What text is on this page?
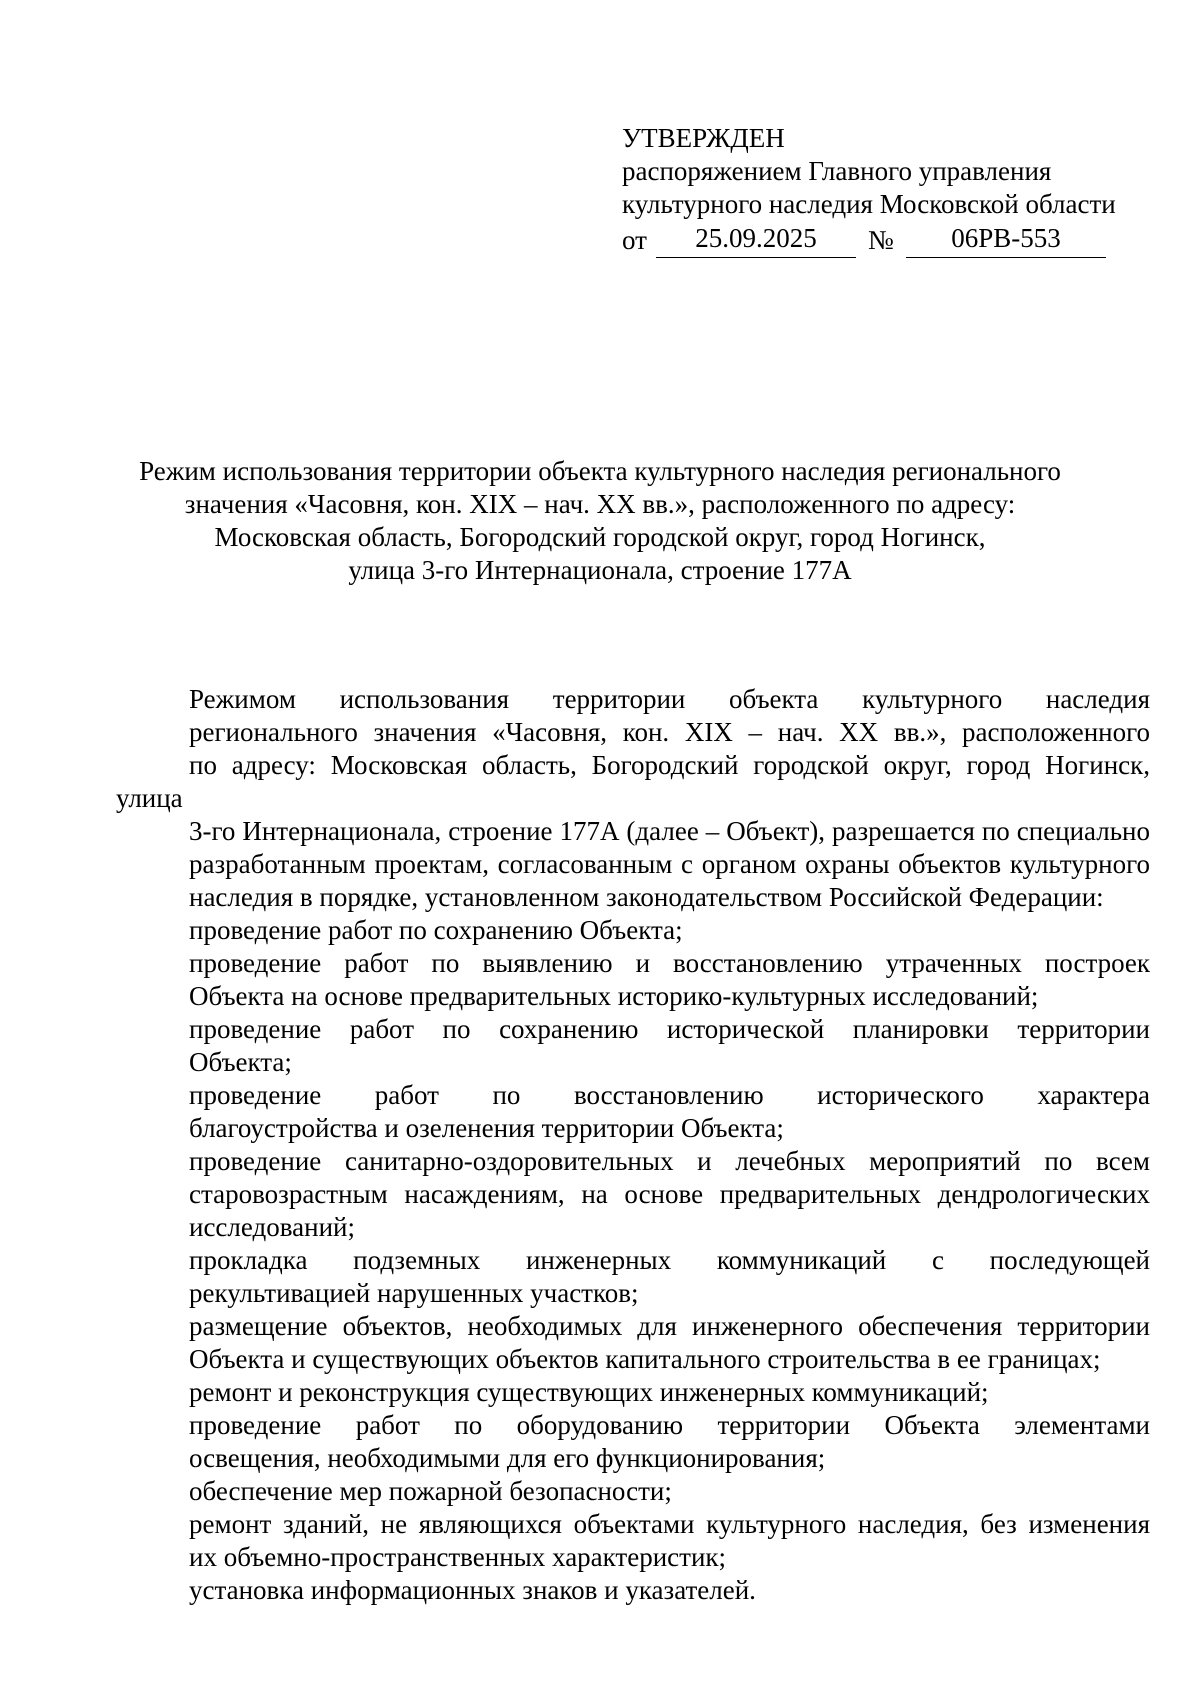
УТВЕРЖДЕН
распоряжением Главного управления
культурного наследия Московской области
от	25.09.2025	№	06РВ-553
Режим использования территории объекта культурного наследия регионального
значения «Часовня, кон. XIX – нач. XX вв.», расположенного по адресу:
Московская область, Богородский городской округ, город Ногинск,
улица 3-го Интернационала, строение 177А

Режимом использования территории объекта культурного наследия
регионального значения «Часовня, кон. XIX – нач. XX вв.», расположенного
по адресу: Московская область, Богородский городской округ, город Ногинск, улица
3-го Интернационала, строение 177А (далее – Объект), разрешается по специально
разработанным проектам, согласованным с органом охраны объектов культурного
наследия в порядке, установленном законодательством Российской Федерации:

проведение работ по сохранению Объекта;

проведение работ по выявлению и восстановлению утраченных построек
Объекта на основе предварительных историко-культурных исследований;

проведение работ по сохранению исторической планировки территории
Объекта;

проведение работ по восстановлению исторического характера
благоустройства и озеленения территории Объекта;

проведение санитарно-оздоровительных и лечебных мероприятий по всем
старовозрастным насаждениям, на основе предварительных дендрологических
исследований;

прокладка подземных инженерных коммуникаций с последующей
рекультивацией нарушенных участков;

размещение объектов, необходимых для инженерного обеспечения территории
Объекта и существующих объектов капитального строительства в ее границах;

ремонт и реконструкция существующих инженерных коммуникаций;

проведение работ по оборудованию территории Объекта элементами
освещения, необходимыми для его функционирования;

обеспечение мер пожарной безопасности;

ремонт зданий, не являющихся объектами культурного наследия, без изменения
их объемно-пространственных характеристик;

установка информационных знаков и указателей.
